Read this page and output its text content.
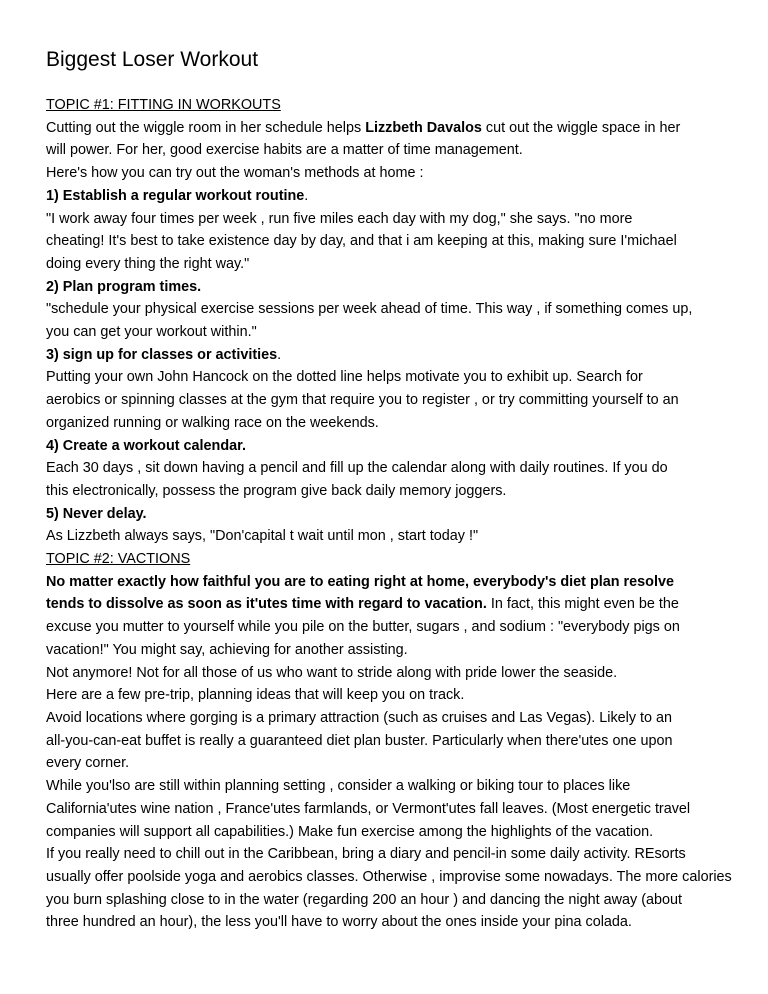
Biggest Loser Workout

TOPIC #1: FITTING IN WORKOUTS

Cutting out the wiggle room in her schedule helps Lizzbeth Davalos cut out the wiggle space in her

will power. For her, good exercise habits are a matter of time management.

Here's how you can try out the woman's methods at home :

1) Establish a regular workout routine.

"I work away four times per week , run five miles each day with my dog," she says. "no more

cheating! It's best to take existence day by day, and that i am keeping at this, making sure I'michael

doing every thing the right way."

2) Plan program times.

"schedule your physical exercise sessions per week ahead of time. This way , if something comes up,

you can get your workout within."

3) sign up for classes or activities.

Putting your own John Hancock on the dotted line helps motivate you to exhibit up. Search for

aerobics or spinning classes at the gym that require you to register , or try committing yourself to an

organized running or walking race on the weekends.

4) Create a workout calendar.

Each 30 days , sit down having a pencil and fill up the calendar along with daily routines. If you do

this electronically, possess the program give back daily memory joggers.

5) Never delay.

As Lizzbeth always says, "Don'capital t wait until mon , start today !"

TOPIC #2: VACTIONS

No matter exactly how faithful you are to eating right at home, everybody's diet plan resolve

tends to dissolve as soon as it'utes time with regard to vacation. In fact, this might even be the

excuse you mutter to yourself while you pile on the butter, sugars , and sodium : "everybody pigs on

vacation!" You might say, achieving for another assisting.

Not anymore! Not for all those of us who want to stride along with pride lower the seaside.

Here are a few pre-trip, planning ideas that will keep you on track.

Avoid locations where gorging is a primary attraction (such as cruises and Las Vegas). Likely to an

all-you-can-eat buffet is really a guaranteed diet plan buster. Particularly when there'utes one upon

every corner.

While you'lso are still within planning setting , consider a walking or biking tour to places like

California'utes wine nation , France'utes farmlands, or Vermont'utes fall leaves. (Most energetic travel

companies will support all capabilities.) Make fun exercise among the highlights of the vacation.

If you really need to chill out in the Caribbean, bring a diary and pencil-in some daily activity. REsorts

usually offer poolside yoga and aerobics classes. Otherwise , improvise some nowadays. The more calories

you burn splashing close to in the water (regarding 200 an hour ) and dancing the night away (about

three hundred an hour), the less you'll have to worry about the ones inside your pina colada.
